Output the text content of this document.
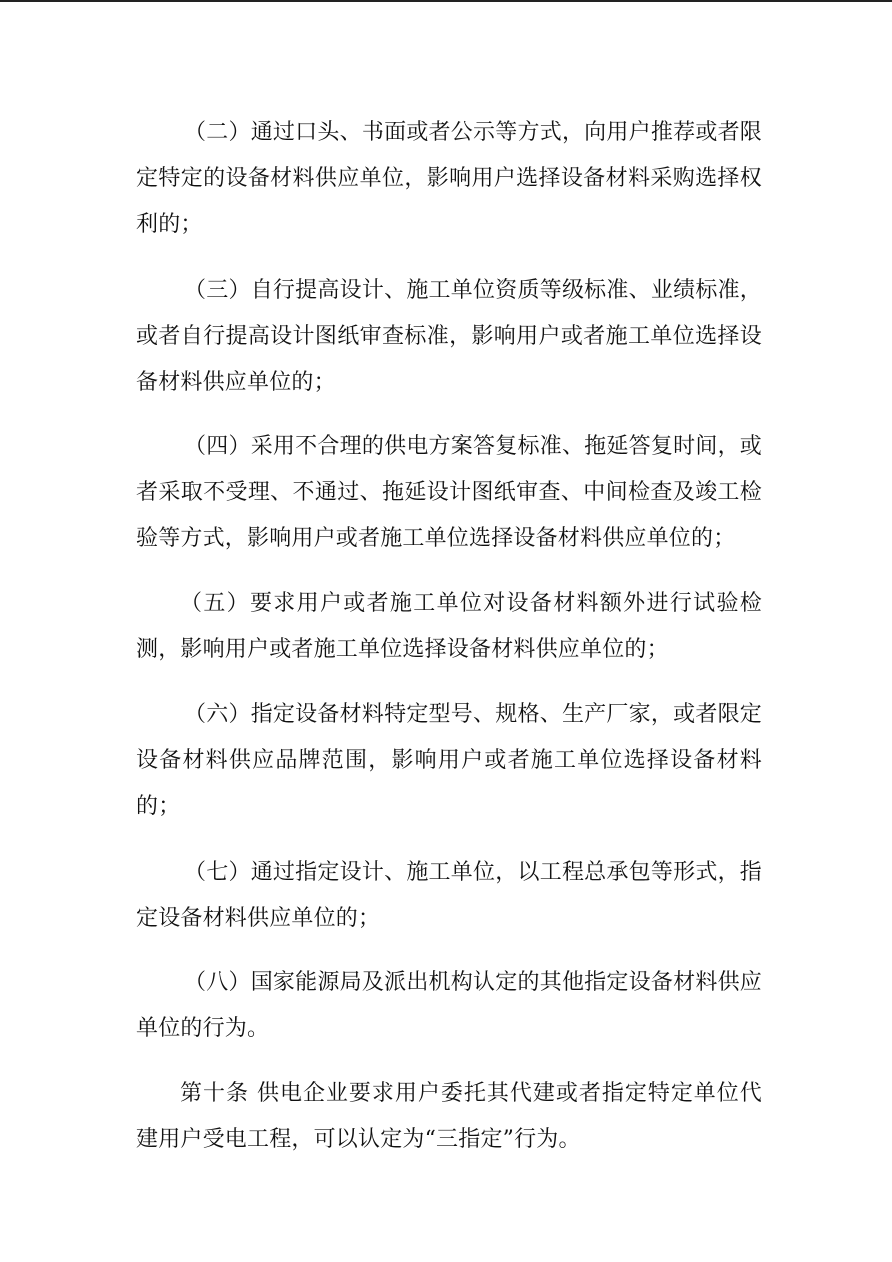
（二）通过口头、书面或者公示等方式，向用户推荐或者限定特定的设备材料供应单位，影响用户选择设备材料采购选择权利的；

（三）自行提高设计、施工单位资质等级标准、业绩标准，或者自行提高设计图纸审查标准，影响用户或者施工单位选择设备材料供应单位的；

（四）采用不合理的供电方案答复标准、拖延答复时间，或者采取不受理、不通过、拖延设计图纸审查、中间检查及竣工检验等方式，影响用户或者施工单位选择设备材料供应单位的；

（五）要求用户或者施工单位对设备材料额外进行试验检测，影响用户或者施工单位选择设备材料供应单位的；

（六）指定设备材料特定型号、规格、生产厂家，或者限定设备材料供应品牌范围，影响用户或者施工单位选择设备材料的；

（七）通过指定设计、施工单位，以工程总承包等形式，指定设备材料供应单位的；

（八）国家能源局及派出机构认定的其他指定设备材料供应单位的行为。

第十条 供电企业要求用户委托其代建或者指定特定单位代建用户受电工程，可以认定为“三指定”行为。
